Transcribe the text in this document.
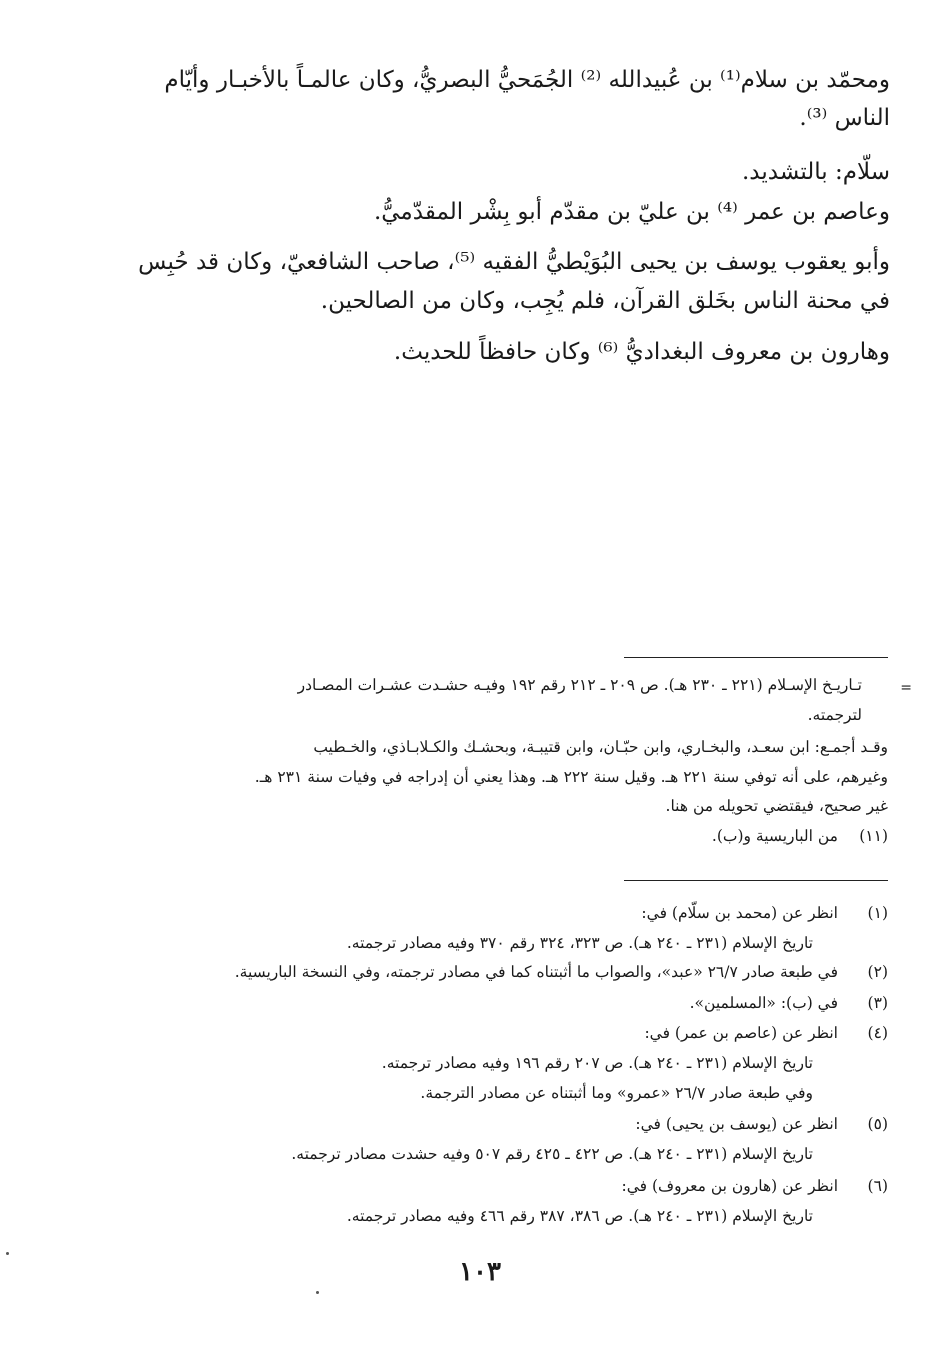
ومحمّد بن سلام⁽¹⁾ بن عُبيدالله ⁽²⁾ الجُمَحيُّ البصريُّ، وكان عالمـاً بالأخبـار وأيّام

الناس ⁽³⁾.

سلّام: بالتشديد.

وعاصم بن عمر ⁽⁴⁾ بن عليّ بن مقدّم أبو بِشْر المقدّميُّ.

وأبو يعقوب يوسف بن يحيى البُوَيْطيُّ الفقيه ⁽⁵⁾، صاحب الشافعيّ، وكان قد حُبِس

في محنة الناس بخَلق القرآن، فلم يُجِب، وكان من الصالحين.

وهارون بن معروف البغداديُّ ⁽⁶⁾ وكان حافظاً للحديث.

=

تـاريـخ الإسـلام (٢٢١ ـ ٢٣٠ هـ). ص ٢٠٩ ـ ٢١٢ رقم ١٩٢ وفيـه حشـدت عشـرات المصـادر

لترجمته.

وقـد أجمـع: ابن سعـد، والبخـاري، وابن حبّـان، وابن قتيبـة، وبحشـك والكـلابـاذي، والخـطيب

وغيرهم، على أنه توفي سنة ٢٢١ هـ. وقيل سنة ٢٢٢ هـ. وهذا يعني أن إدراجه في وفيات سنة ٢٣١ هـ.

غير صحيح، فيقتضي تحويله من هنا.

(١١)

من الباريسية و(ب).

(١)
انظر عن (محمد بن سلّام) في:
تاريخ الإسلام (٢٣١ ـ ٢٤٠ هـ). ص ٣٢٣، ٣٢٤ رقم ٣٧٠ وفيه مصادر ترجمته.
(٢)
في طبعة صادر ٢٦/٧ «عبد»، والصواب ما أثبتناه كما في مصادر ترجمته، وفي النسخة الباريسية.
(٣)
في (ب): «المسلمين».
(٤)
انظر عن (عاصم بن عمر) في:
تاريخ الإسلام (٢٣١ ـ ٢٤٠ هـ). ص ٢٠٧ رقم ١٩٦ وفيه مصادر ترجمته.
وفي طبعة صادر ٢٦/٧ «عمرو» وما أثبتناه عن مصادر الترجمة.
(٥)
انظر عن (يوسف بن يحيى) في:
تاريخ الإسلام (٢٣١ ـ ٢٤٠ هـ). ص ٤٢٢ ـ ٤٢٥ رقم ٥٠٧ وفيه حشدت مصادر ترجمته.
(٦)
انظر عن (هارون بن معروف) في:
تاريخ الإسلام (٢٣١ ـ ٢٤٠ هـ). ص ٣٨٦، ٣٨٧ رقم ٤٦٦ وفيه مصادر ترجمته.
١٠٣
